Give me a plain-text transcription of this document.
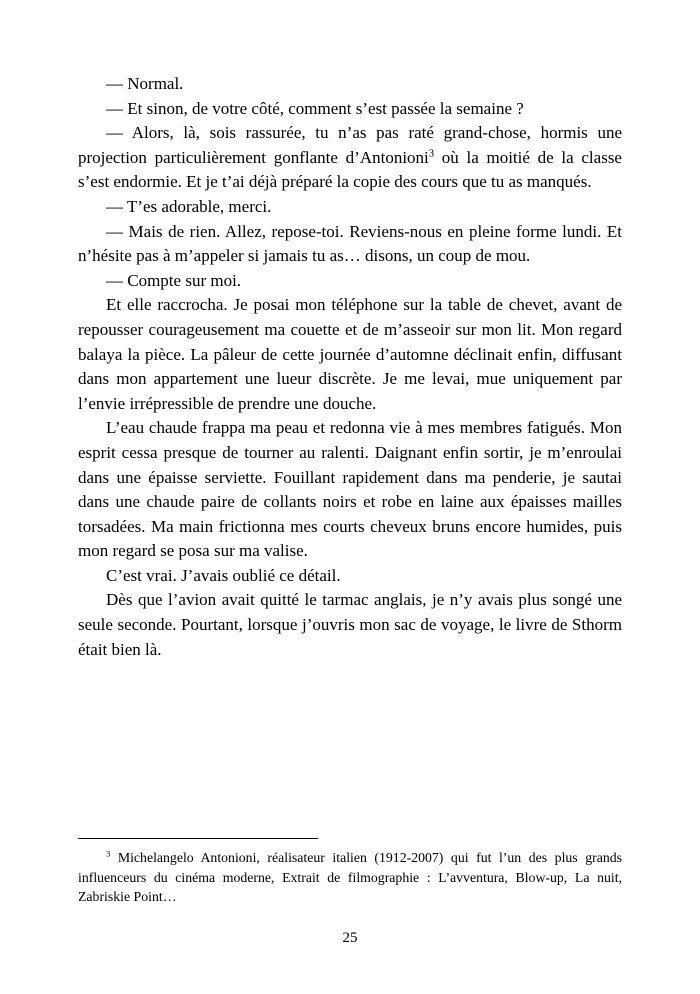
— Normal.

— Et sinon, de votre côté, comment s’est passée la semaine ?

— Alors, là, sois rassurée, tu n’as pas raté grand-chose, hormis une projection particulièrement gonflante d’Antonioni$^3$ où la moitié de la classe s’est endormie. Et je t’ai déjà préparé la copie des cours que tu as manqués.

— T’es adorable, merci.

— Mais de rien. Allez, repose-toi. Reviens-nous en pleine forme lundi. Et n’hésite pas à m’appeler si jamais tu as… disons, un coup de mou.

— Compte sur moi.

Et elle raccrocha. Je posai mon téléphone sur la table de chevet, avant de repousser courageusement ma couette et de m’asseoir sur mon lit. Mon regard balaya la pièce. La pâleur de cette journée d’automne déclinait enfin, diffusant dans mon appartement une lueur discrète. Je me levai, mue uniquement par l’envie irrépressible de prendre une douche.

L’eau chaude frappa ma peau et redonna vie à mes membres fatigués. Mon esprit cessa presque de tourner au ralenti. Daignant enfin sortir, je m’enroulai dans une épaisse serviette. Fouillant rapidement dans ma penderie, je sautai dans une chaude paire de collants noirs et robe en laine aux épaisses mailles torsadées. Ma main frictionna mes courts cheveux bruns encore humides, puis mon regard se posa sur ma valise.

C’est vrai. J’avais oublié ce détail.

Dès que l’avion avait quitté le tarmac anglais, je n’y avais plus songé une seule seconde. Pourtant, lorsque j’ouvris mon sac de voyage, le livre de Sthorm était bien là.

$^3$ Michelangelo Antonioni, réalisateur italien (1912-2007) qui fut l’un des plus grands influenceurs du cinéma moderne, Extrait de filmographie : L’avventura, Blow-up, La nuit, Zabriskie Point…

25
